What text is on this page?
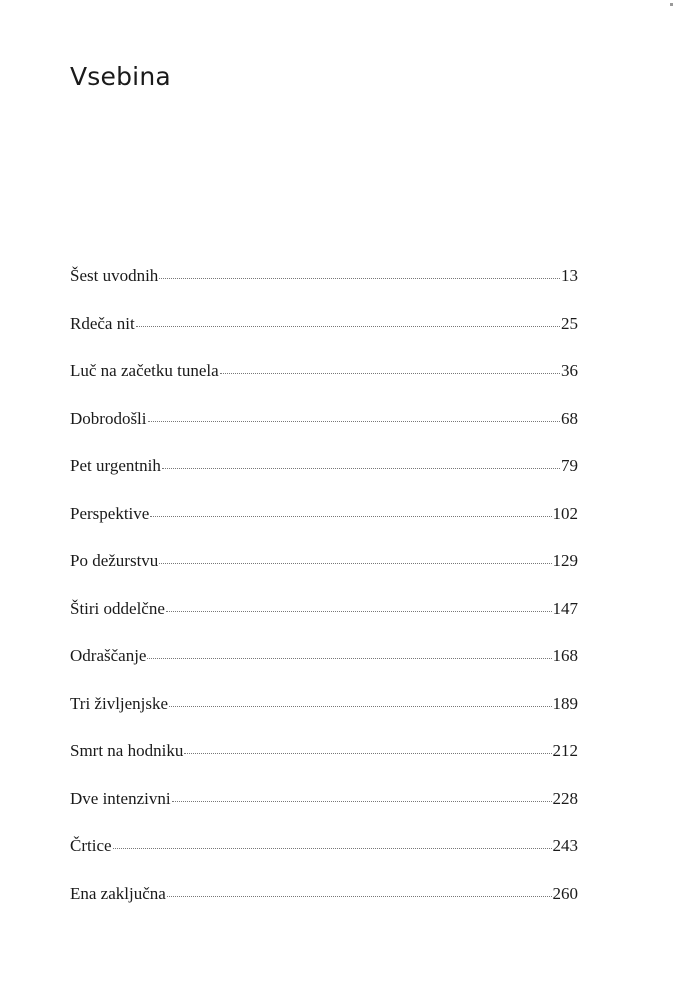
Vsebina
Šest uvodnih	13
Rdeča nit	25
Luč na začetku tunela	36
Dobrodošli	68
Pet urgentnih	79
Perspektive	102
Po dežurstvu	129
Štiri oddelčne	147
Odraščanje	168
Tri življenjske	189
Smrt na hodniku	212
Dve intenzivni	228
Črtice	243
Ena zaključna	260
